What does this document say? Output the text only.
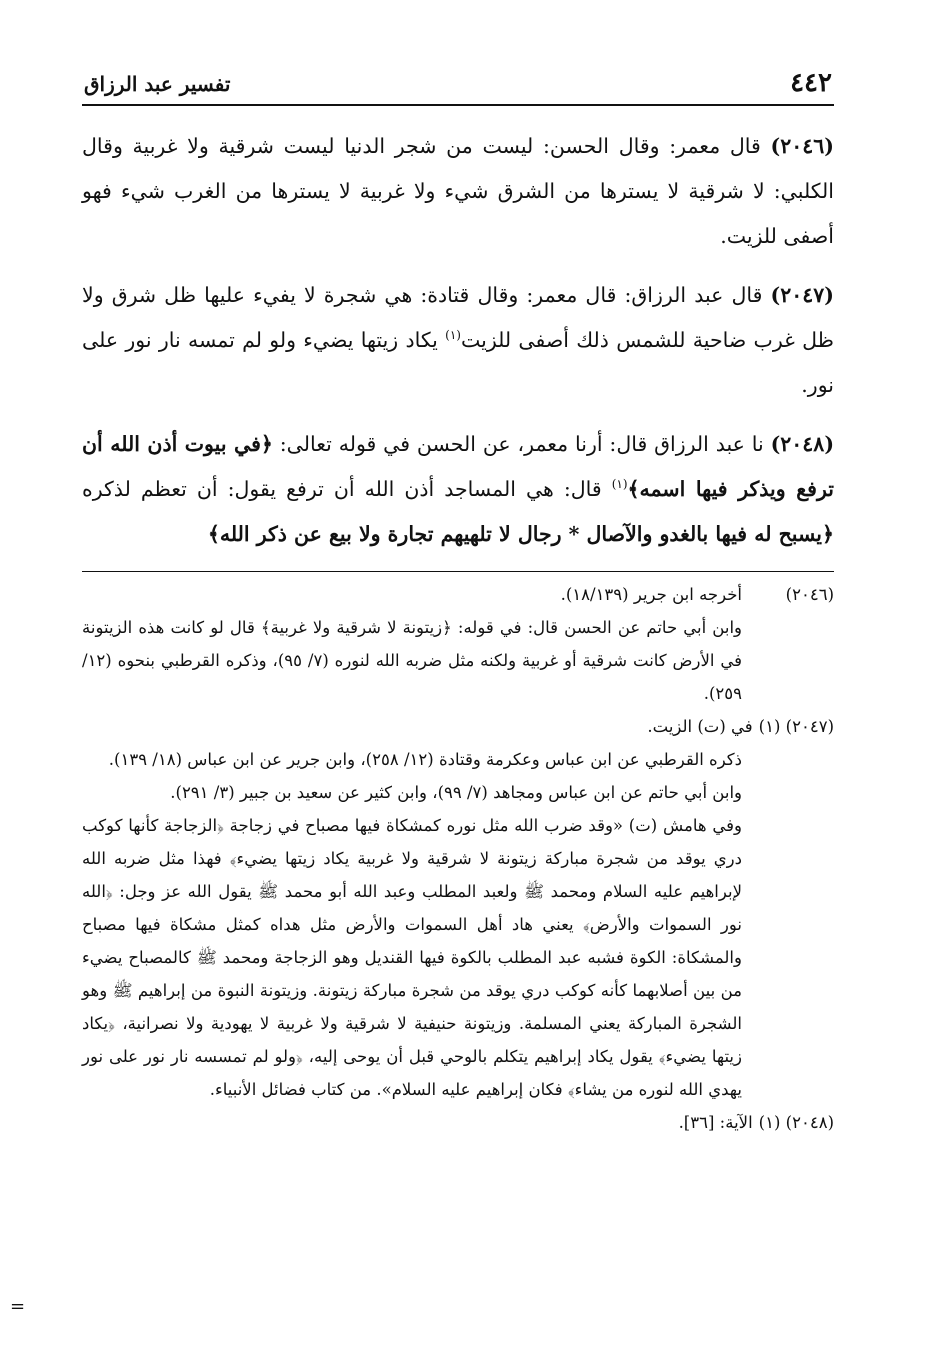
٤٤٢
تفسير عبد الرزاق

(٢٠٤٦) قال معمر: وقال الحسن: ليست من شجر الدنيا ليست شرقية ولا غربية وقال الكلبي: لا شرقية لا يسترها من الشرق شيء ولا غربية لا يسترها من الغرب شيء فهو أصفى للزيت.

(٢٠٤٧) قال عبد الرزاق: قال معمر: وقال قتادة: هي شجرة لا يفيء عليها ظل شرق ولا ظل غرب ضاحية للشمس ذلك أصفى للزيت$^{(١)}$ يكاد زيتها يضيء ولو لم تمسه نار نور على نور.

(٢٠٤٨) نا عبد الرزاق قال: أرنا معمر، عن الحسن في قوله تعالى: ﴿في بيوت أذن الله أن ترفع ويذكر فيها اسمه﴾$^{(١)}$ قال: هي المساجد أذن الله أن ترفع يقول: أن تعظم لذكره ﴿يسبح له فيها بالغدو والآصال * رجال لا تلهيهم تجارة ولا بيع عن ذكر الله﴾

(٢٠٤٦)

أخرجه ابن جرير (١٨/١٣٩).

وابن أبي حاتم عن الحسن قال: في قوله: ﴿زيتونة لا شرقية ولا غربية﴾ قال لو كانت هذه الزيتونة في الأرض كانت شرقية أو غربية ولكنه مثل ضربه الله لنوره (٧/ ٩٥)، وذكره القرطبي بنحوه (١٢/ ٢٥٩).

(٢٠٤٧) (١)

في (ت) الزيت.

ذكره القرطبي عن ابن عباس وعكرمة وقتادة (١٢/ ٢٥٨)، وابن جرير عن ابن عباس (١٨/ ١٣٩).

وابن أبي حاتم عن ابن عباس ومجاهد (٧/ ٩٩)، وابن كثير عن سعيد بن جبير (٣/ ٢٩١).

وفي هامش (ت) «وقد ضرب الله مثل نوره كمشكاة فيها مصباح في زجاجة ﴿الزجاجة كأنها كوكب دري يوقد من شجرة مباركة زيتونة لا شرقية ولا غربية يكاد زيتها يضيء﴾ فهذا مثل ضربه الله لإبراهيم عليه السلام ومحمد ﷺ ولعبد المطلب وعبد الله أبو محمد ﷺ يقول الله عز وجل: ﴿الله نور السموات والأرض﴾ يعني هاد أهل السموات والأرض مثل هداه كمثل مشكاة فيها مصباح والمشكاة: الكوة فشبه عبد المطلب بالكوة فيها القنديل وهو الزجاجة ومحمد ﷺ كالمصباح يضيء من بين أصلابهما كأنه كوكب دري يوقد من شجرة مباركة زيتونة. وزيتونة النبوة من إبراهيم ﷺ وهو الشجرة المباركة يعني المسلمة. وزيتونة حنيفية لا شرقية ولا غربية لا يهودية ولا نصرانية، ﴿يكاد زيتها يضيء﴾ يقول يكاد إبراهيم يتكلم بالوحي قبل أن يوحى إليه، ﴿ولو لم تمسسه نار نور على نور يهدي الله لنوره من يشاء﴾ فكان إبراهيم عليه السلام». من كتاب فضائل الأنبياء.

(٢٠٤٨) (١)

الآية: [٣٦].

=
